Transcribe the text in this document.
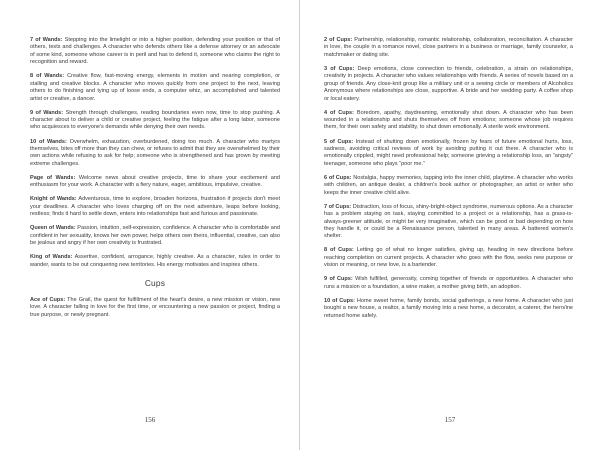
7 of Wands: Stepping into the limelight or into a higher position, defending your position or that of others, tests and challenges. A character who defends others like a defense attorney or an advocate of some kind, someone whose career is in peril and has to defend it, someone who claims the right to recognition and reward.

8 of Wands: Creative flow, fast-moving energy, elements in motion and nearing completion, or stalling and creative blocks. A character who moves quickly from one project to the next, leaving others to do finishing and tying up of loose ends, a computer whiz, an accomplished and talented artist or creative, a dancer.

9 of Wands: Strength through challenges, reading boundaries even now, time to stop pushing. A character about to deliver a child or creative project, feeling the fatigue after a long labor, someone who acquiesces to everyone's demands while denying their own needs.

10 of Wands: Overwhelm, exhaustion, overburdened, doing too much. A character who martyrs themselves, bites off more than they can chew, or refuses to admit that they are overwhelmed by their own actions while refusing to ask for help; someone who is strengthened and has grown by meeting extreme challenges.

Page of Wands: Welcome news about creative projects, time to share your excitement and enthusiasm for your work. A character with a fiery nature, eager, ambitious, impulsive, creative.

Knight of Wands: Adventurous, time to explore, broaden horizons, frustration if projects don't meet your deadlines. A character who loves charging off on the next adventure, leaps before looking, restless; finds it hard to settle down, enters into relationships fast and furious and passionate.

Queen of Wands: Passion, intuition, self-expression, confidence. A character who is comfortable and confident in her sexuality, knows her own power, helps others own theirs, influential, creative, can also be jealous and angry if her own creativity is frustrated.

King of Wands: Assertive, confident, arrogance, highly creative. As a character, rules in order to wander, wants to be out conquering new territories. His energy motivates and inspires others.

Cups

Ace of Cups: The Grail, the quest for fulfillment of the heart's desire, a new mission or vision, new love. A character falling in love for the first time, or encountering a new passion or project, finding a true purpose, or newly pregnant.

156

2 of Cups: Partnership, relationship, romantic relationship, collaboration, reconciliation. A character in love, the couple in a romance novel, close partners in a business or marriage, family counselor, a matchmaker or dating site.

3 of Cups: Deep emotions, close connection to friends, celebration, a strain on relationships, creativity in projects. A character who values relationships with friends. A series of novels based on a group of friends. Any close-knit group like a military unit or a sewing circle or members of Alcoholics Anonymous where relationships are close, supportive. A bride and her wedding party. A coffee shop or local eatery.

4 of Cups: Boredom, apathy, daydreaming, emotionally shut down. A character who has been wounded in a relationship and shuts themselves off from emotions; someone whose job requires them, for their own safety and stability, to shut down emotionally. A sterile work environment.

5 of Cups: Instead of shutting down emotionally, frozen by fears of future emotional hurts, loss, sadness, avoiding critical reviews of work by avoiding putting it out there. A character who is emotionally crippled, might need professional help; someone grieving a relationship loss, an “angsty” teenager, someone who plays “poor me.”

6 of Cups: Nostalgia, happy memories, tapping into the inner child, playtime. A character who works with children, an antique dealer, a children's book author or photographer, an artist or writer who keeps the inner creative child alive.

7 of Cups: Distraction, loss of focus, shiny-bright-object syndrome, numerous options. As a character has a problem staying on task, staying committed to a project or a relationship, has a grass-is-always-greener attitude, or might be very imaginative, which can be good or bad depending on how they handle it, or could be a Renaissance person, talented in many areas. A battered women's shelter.

8 of Cups: Letting go of what no longer satisfies, giving up, heading in new directions before reaching completion on current projects. A character who goes with the flow, seeks new purpose or vision or meaning, or new love, is a bartender.

9 of Cups: Wish fulfilled, generosity, coming together of friends or opportunities. A character who runs a mission or a foundation, a wine maker, a mother giving birth, an adoption.

10 of Cups: Home sweet home, family bonds, social gatherings, a new home. A character who just bought a new house, a realtor, a family moving into a new home, a decorator, a caterer, the hero/ine returned home safely.

157
